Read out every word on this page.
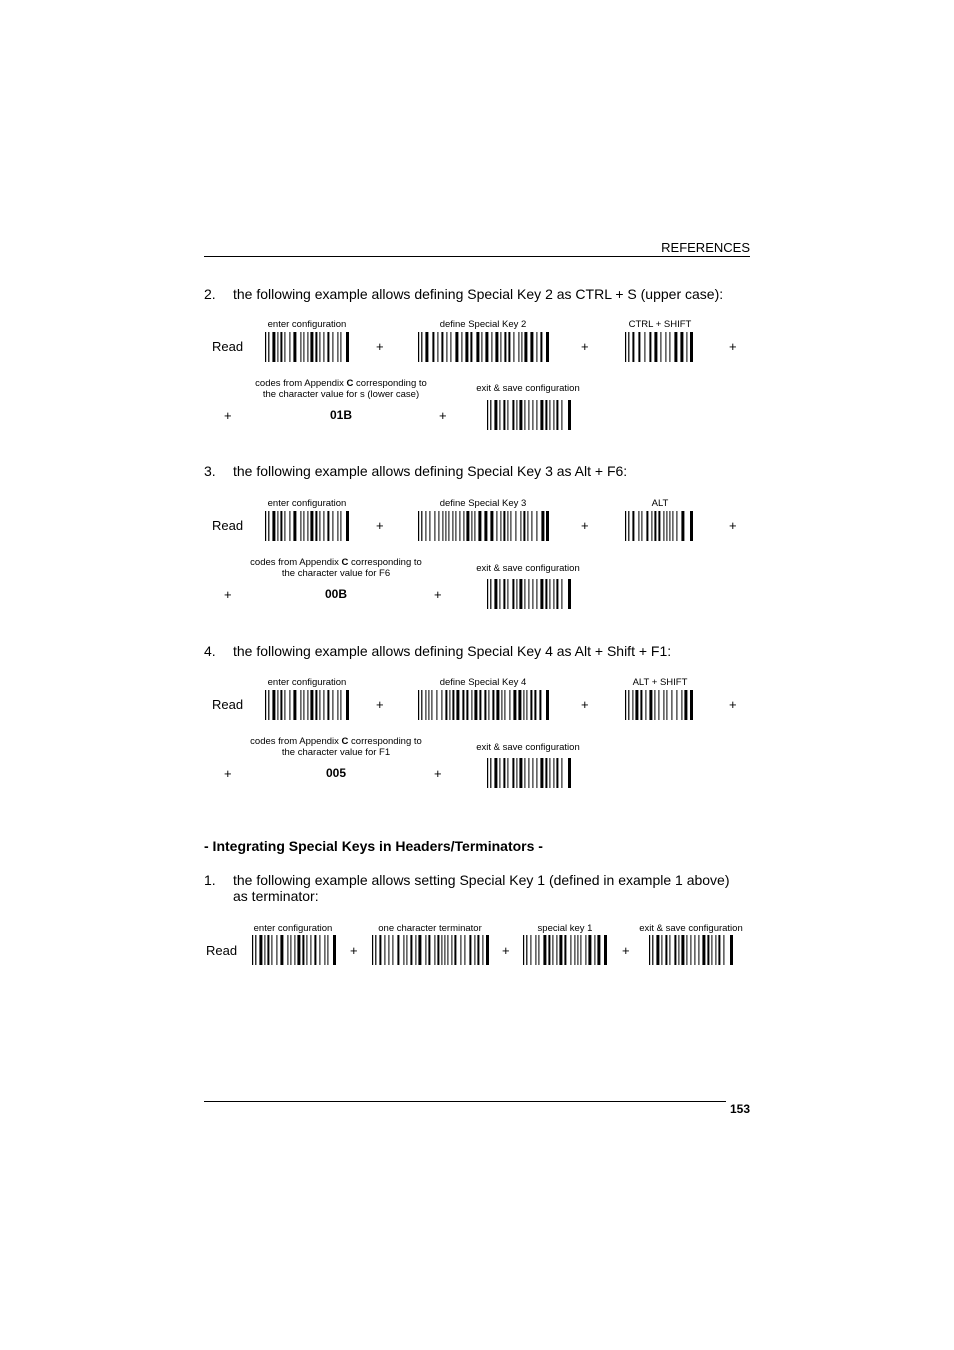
REFERENCES
2.	the following example allows defining Special Key 2 as CTRL + S (upper case):
enter configuration	define Special Key 2	CTRL + SHIFT
Read	+	+	+
codes from Appendix C corresponding to the character value for s (lower case)
exit & save configuration
+	01B	+
3.	the following example allows defining Special Key 3 as Alt + F6:
enter configuration	define Special Key 3	ALT
Read	+	+	+
codes from Appendix C corresponding to the character value for F6	exit & save configuration
+	00B	+
4.	the following example allows defining Special Key 4 as Alt + Shift + F1:
enter configuration	define Special Key 4	ALT + SHIFT
Read	+	+	+
codes from Appendix C corresponding to the character value for F1	exit & save configuration
+	005	+
- Integrating Special Keys in Headers/Terminators -
1.	the following example allows setting Special Key 1 (defined in example 1 above)
as terminator:
enter configuration	one character terminator	special key 1	exit & save configuration
Read	+	+	+
153
